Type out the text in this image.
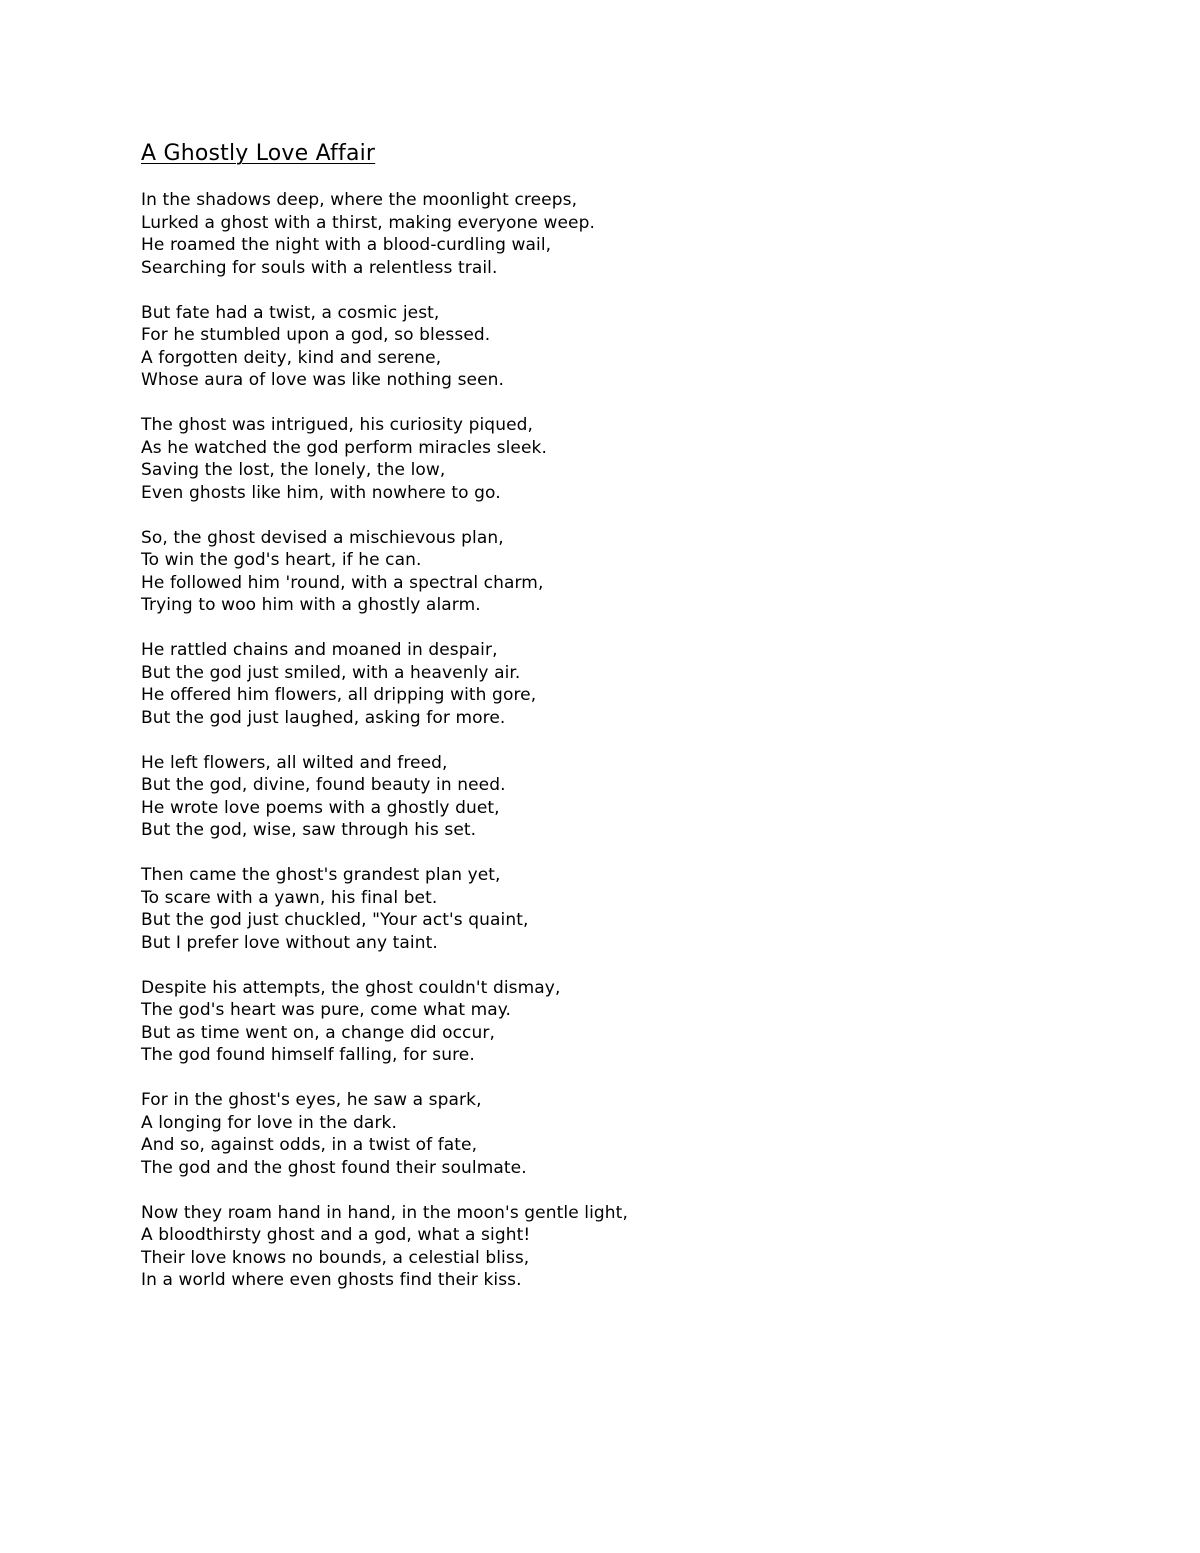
A Ghostly Love Affair
In the shadows deep, where the moonlight creeps,
Lurked a ghost with a thirst, making everyone weep.
He roamed the night with a blood-curdling wail,
Searching for souls with a relentless trail.
But fate had a twist, a cosmic jest,
For he stumbled upon a god, so blessed.
A forgotten deity, kind and serene,
Whose aura of love was like nothing seen.
The ghost was intrigued, his curiosity piqued,
As he watched the god perform miracles sleek.
Saving the lost, the lonely, the low,
Even ghosts like him, with nowhere to go.
So, the ghost devised a mischievous plan,
To win the god's heart, if he can.
He followed him 'round, with a spectral charm,
Trying to woo him with a ghostly alarm.
He rattled chains and moaned in despair,
But the god just smiled, with a heavenly air.
He offered him flowers, all dripping with gore,
But the god just laughed, asking for more.
He left flowers, all wilted and freed,
But the god, divine, found beauty in need.
He wrote love poems with a ghostly duet,
But the god, wise, saw through his set.
Then came the ghost's grandest plan yet,
To scare with a yawn, his final bet.
But the god just chuckled, "Your act's quaint,
But I prefer love without any taint.
Despite his attempts, the ghost couldn't dismay,
The god's heart was pure, come what may.
But as time went on, a change did occur,
The god found himself falling, for sure.
For in the ghost's eyes, he saw a spark,
A longing for love in the dark.
And so, against odds, in a twist of fate,
The god and the ghost found their soulmate.
Now they roam hand in hand, in the moon's gentle light,
A bloodthirsty ghost and a god, what a sight!
Their love knows no bounds, a celestial bliss,
In a world where even ghosts find their kiss.
